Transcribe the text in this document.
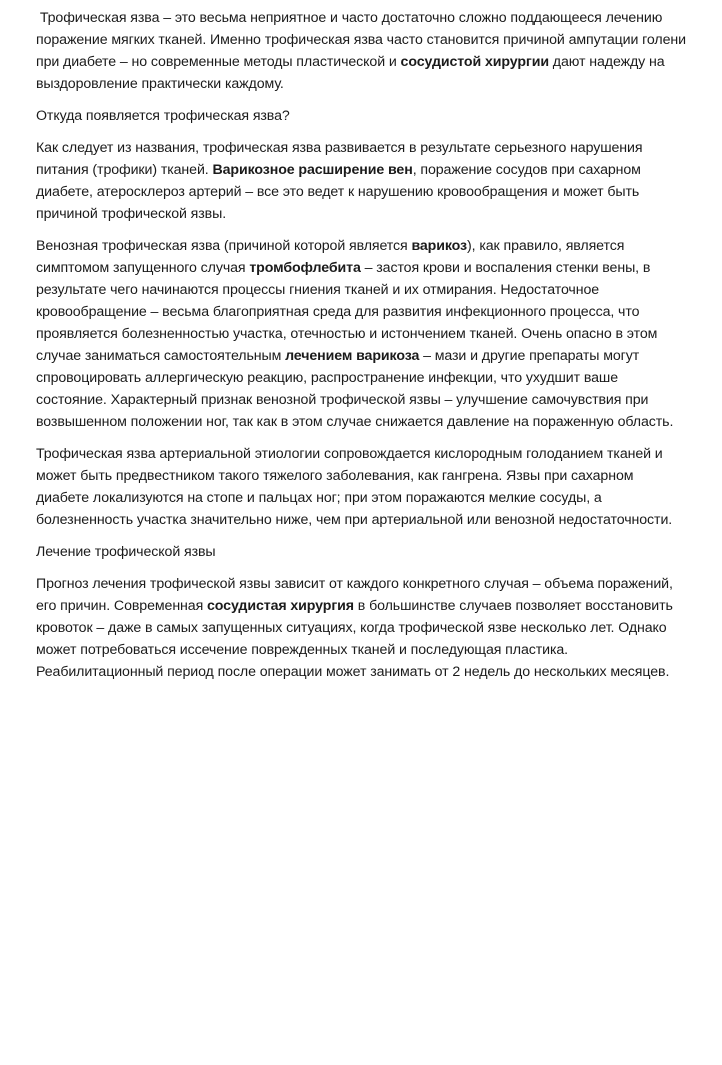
Трофическая язва – это весьма неприятное и часто достаточно сложно поддающееся лечению поражение мягких тканей. Именно трофическая язва часто становится причиной ампутации голени при диабете – но современные методы пластической и сосудистой хирургии дают надежду на выздоровление практически каждому.

Откуда появляется трофическая язва?

Как следует из названия, трофическая язва развивается в результате серьезного нарушения питания (трофики) тканей. Варикозное расширение вен, поражение сосудов при сахарном диабете, атеросклероз артерий – все это ведет к нарушению кровообращения и может быть причиной трофической язвы.

Венозная трофическая язва (причиной которой является варикоз), как правило, является симптомом запущенного случая тромбофлебита – застоя крови и воспаления стенки вены, в результате чего начинаются процессы гниения тканей и их отмирания. Недостаточное кровообращение – весьма благоприятная среда для развития инфекционного процесса, что проявляется болезненностью участка, отечностью и истончением тканей. Очень опасно в этом случае заниматься самостоятельным лечением варикоза – мази и другие препараты могут спровоцировать аллергическую реакцию, распространение инфекции, что ухудшит ваше состояние. Характерный признак венозной трофической язвы – улучшение самочувствия при возвышенном положении ног, так как в этом случае снижается давление на пораженную область.

Трофическая язва артериальной этиологии сопровождается кислородным голоданием тканей и может быть предвестником такого тяжелого заболевания, как гангрена. Язвы при сахарном диабете локализуются на стопе и пальцах ног; при этом поражаются мелкие сосуды, а болезненность участка значительно ниже, чем при артериальной или венозной недостаточности.

Лечение трофической язвы

Прогноз лечения трофической язвы зависит от каждого конкретного случая – объема поражений, его причин. Современная сосудистая хирургия в большинстве случаев позволяет восстановить кровоток – даже в самых запущенных ситуациях, когда трофической язве несколько лет. Однако может потребоваться иссечение поврежденных тканей и последующая пластика. Реабилитационный период после операции может занимать от 2 недель до нескольких месяцев.
